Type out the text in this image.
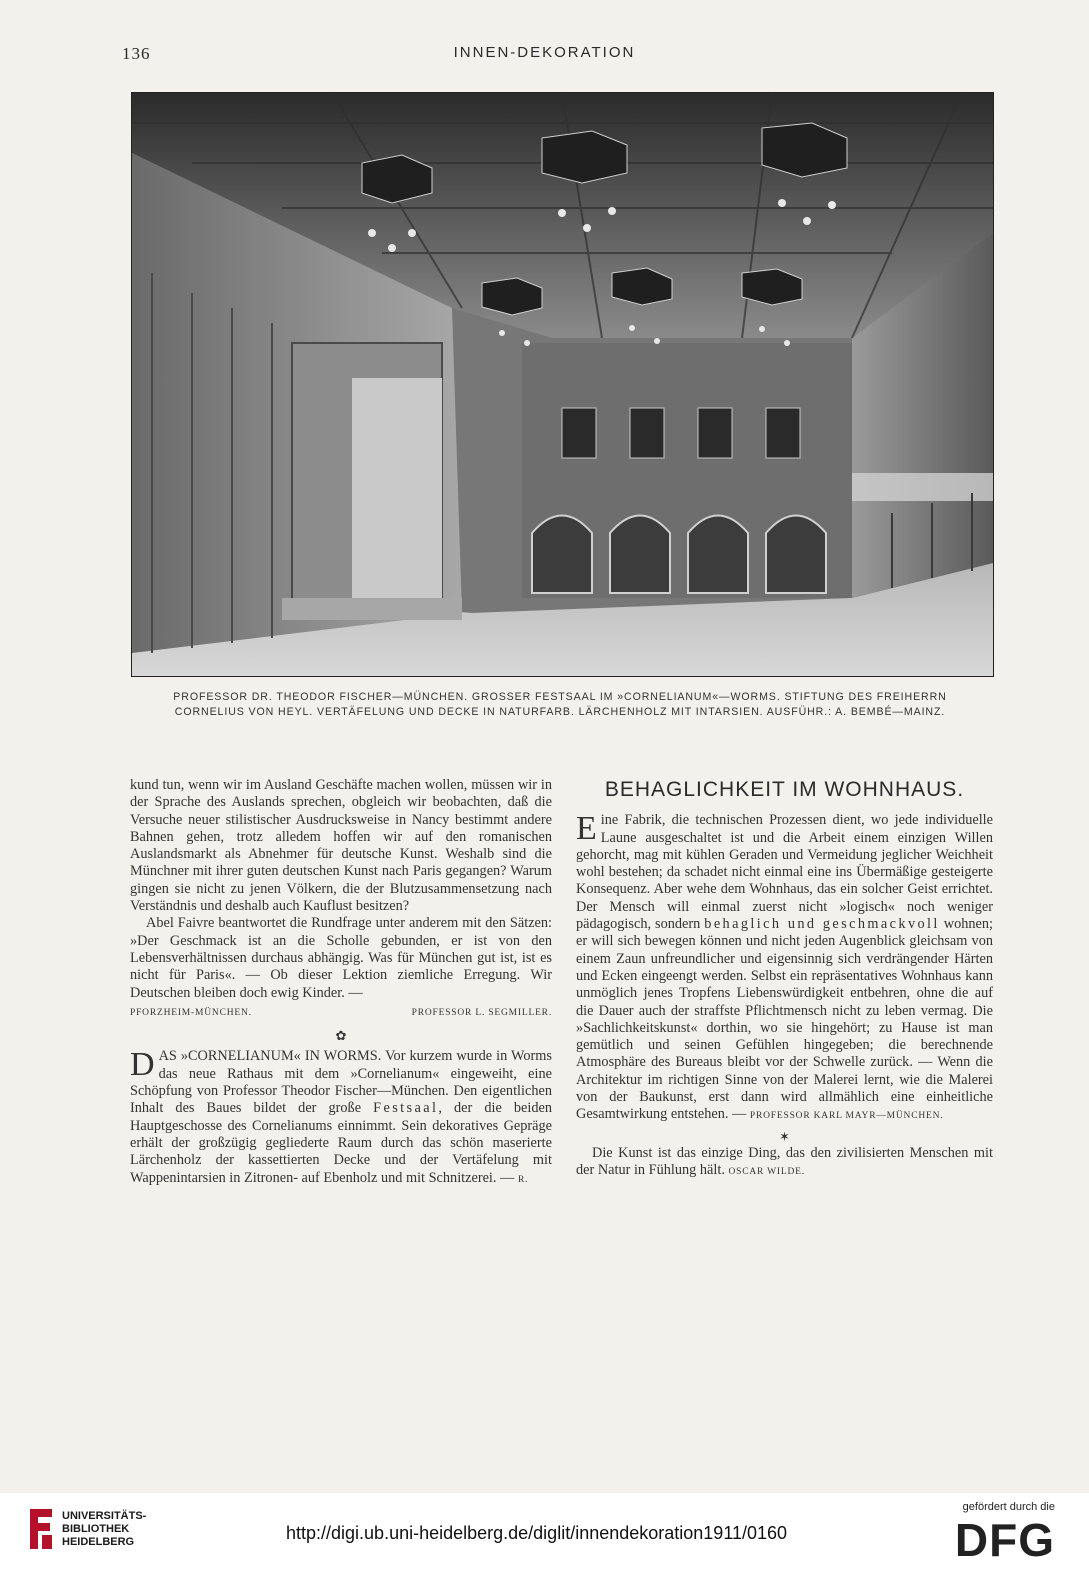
136	INNEN-DEKORATION
PROFESSOR DR. THEODOR FISCHER—MÜNCHEN. GROSSER FESTSAAL IM »CORNELIANUM«—WORMS. STIFTUNG DES FREIHERRN
CORNELIUS VON HEYL. VERTÄFELUNG UND DECKE IN NATURFARB. LÄRCHENHOLZ MIT INTARSIEN. AUSFÜHR.: A. BEMBÉ—MAINZ.

kund tun, wenn wir im Ausland Geschäfte machen wollen, müssen wir in der Sprache des Auslands sprechen, obgleich wir beobachten, daß die Versuche neuer stilistischer Ausdrucksweise in Nancy bestimmt andere Bahnen gehen, trotz alledem hoffen wir auf den romanischen Auslandsmarkt als Abnehmer für deutsche Kunst. Weshalb sind die Münchner mit ihrer guten deutschen Kunst nach Paris gegangen? Warum gingen sie nicht zu jenen Völkern, die der Blutzusammensetzung nach Verständnis und deshalb auch Kauflust besitzen?

Abel Faivre beantwortet die Rundfrage unter anderem mit den Sätzen: »Der Geschmack ist an die Scholle gebunden, er ist von den Lebensverhältnissen durchaus abhängig. Was für München gut ist, ist es nicht für Paris«. — Ob dieser Lektion ziemliche Erregung. Wir Deutschen bleiben doch ewig Kinder. —

PFORZHEIM-MÜNCHEN.	PROFESSOR L. SEGMILLER.
✿

DAS »CORNELIANUM« IN WORMS. Vor kurzem wurde in Worms das neue Rathaus mit dem »Cornelianum« eingeweiht, eine Schöpfung von Professor Theodor Fischer—München. Den eigentlichen Inhalt des Baues bildet der große Festsaal, der die beiden Hauptgeschosse des Cornelianums einnimmt. Sein dekoratives Gepräge erhält der großzügig gegliederte Raum durch das schön maserierte Lärchenholz der kassettierten Decke und der Vertäfelung mit Wappenintarsien in Zitronen- auf Ebenholz und mit Schnitzerei. — R.

BEHAGLICHKEIT IM WOHNHAUS.

Eine Fabrik, die technischen Prozessen dient, wo jede individuelle Laune ausgeschaltet ist und die Arbeit einem einzigen Willen gehorcht, mag mit kühlen Geraden und Vermeidung jeglicher Weichheit wohl bestehen; da schadet nicht einmal eine ins Übermäßige gesteigerte Konsequenz. Aber wehe dem Wohnhaus, das ein solcher Geist errichtet. Der Mensch will einmal zuerst nicht »logisch« noch weniger pädagogisch, sondern behaglich und geschmackvoll wohnen; er will sich bewegen können und nicht jeden Augenblick gleichsam von einem Zaun unfreundlicher und eigensinnig sich verdrängender Härten und Ecken eingeengt werden. Selbst ein repräsentatives Wohnhaus kann unmöglich jenes Tropfens Liebenswürdigkeit entbehren, ohne die auf die Dauer auch der straffste Pflichtmensch nicht zu leben vermag. Die »Sachlichkeitskunst« dorthin, wo sie hingehört; zu Hause ist man gemütlich und seinen Gefühlen hingegeben; die berechnende Atmosphäre des Bureaus bleibt vor der Schwelle zurück. — Wenn die Architektur im richtigen Sinne von der Malerei lernt, wie die Malerei von der Baukunst, erst dann wird allmählich eine einheitliche Gesamtwirkung entstehen. — PROFESSOR KARL MAYR—MÜNCHEN.

✶

Die Kunst ist das einzige Ding, das den zivilisierten Menschen mit der Natur in Fühlung hält. OSCAR WILDE.

UNIVERSITÄTS-
BIBLIOTHEK
HEIDELBERG	http://digi.ub.uni-heidelberg.de/diglit/innendekoration1911/0160
gefördert durch die
DFG
